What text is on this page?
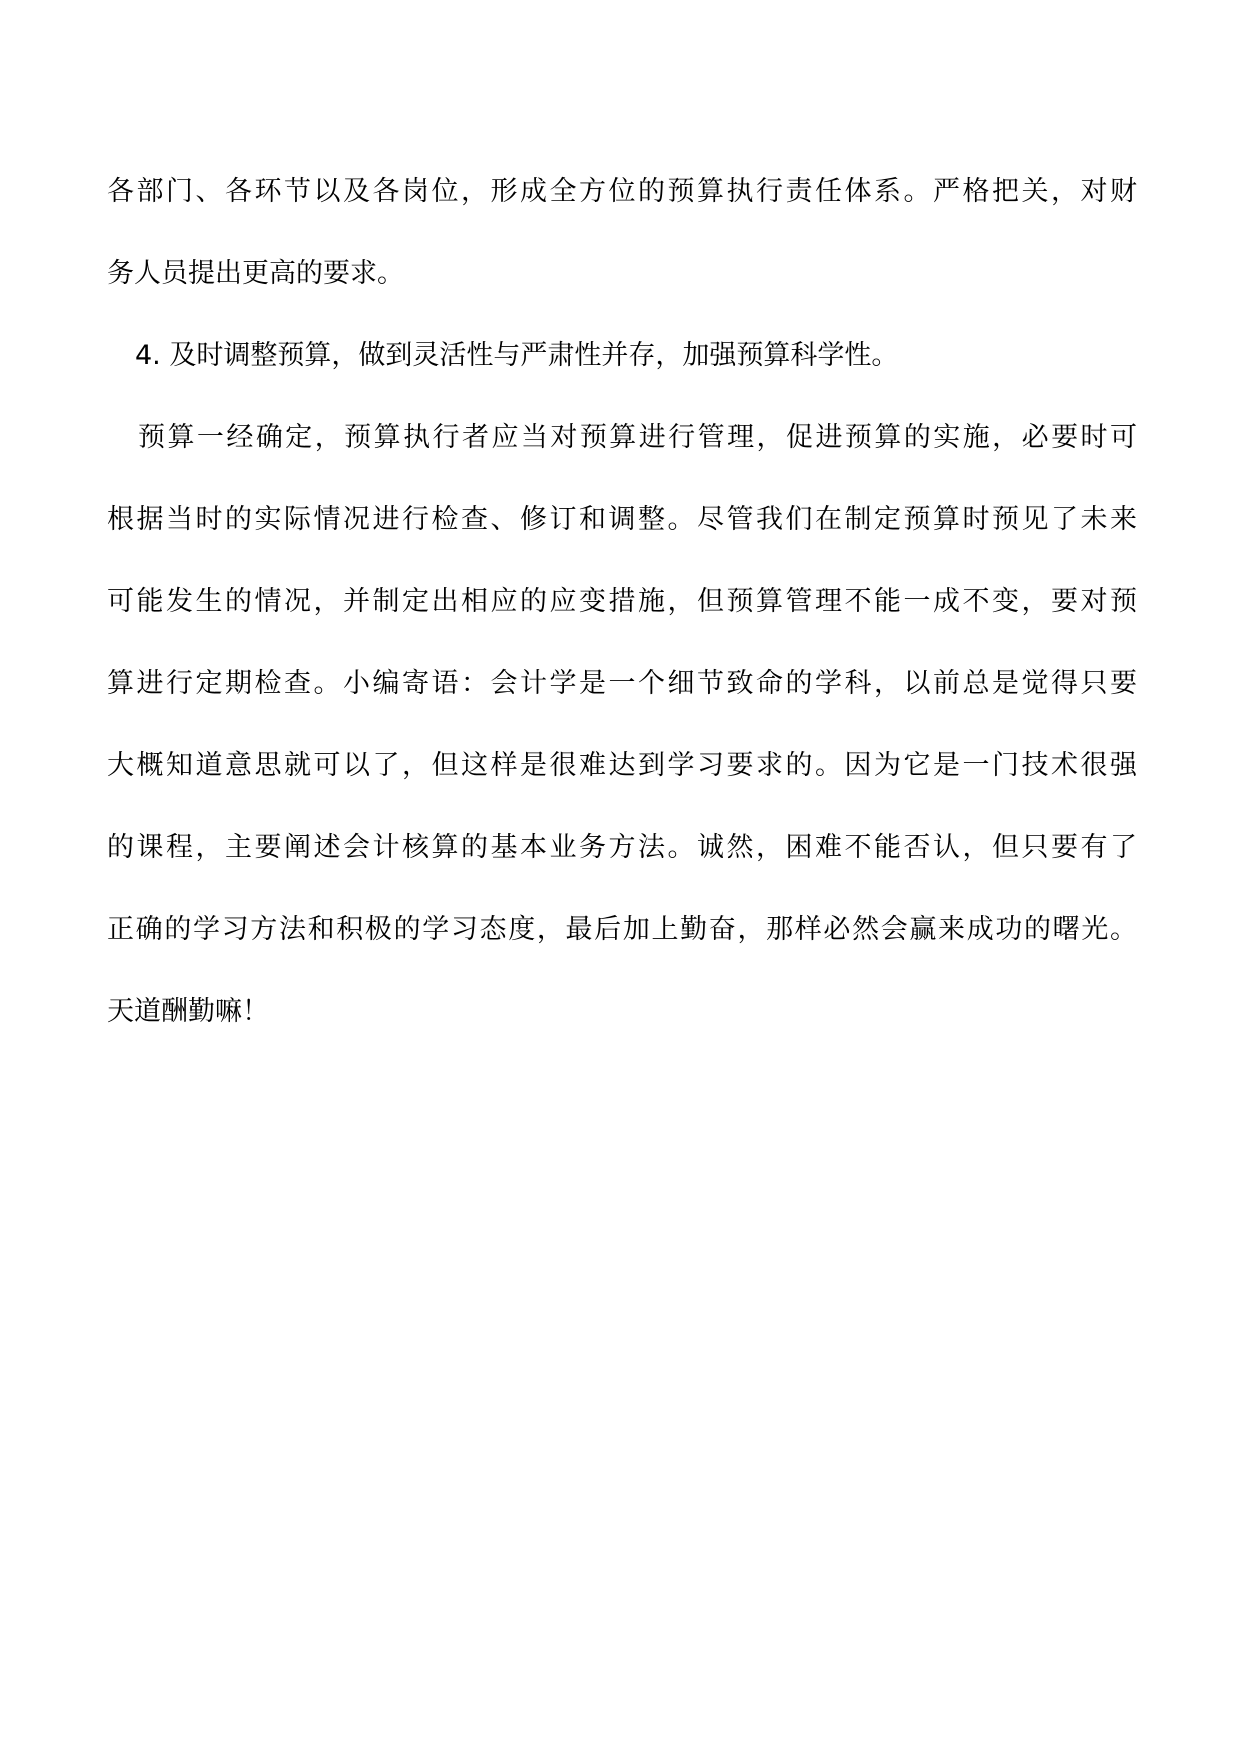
各部门、各环节以及各岗位，形成全方位的预算执行责任体系。严格把关，对财
务人员提出更高的要求。
4. 及时调整预算，做到灵活性与严肃性并存，加强预算科学性。
预算一经确定，预算执行者应当对预算进行管理，促进预算的实施，必要时可
根据当时的实际情况进行检查、修订和调整。尽管我们在制定预算时预见了未来
可能发生的情况，并制定出相应的应变措施，但预算管理不能一成不变，要对预
算进行定期检查。小编寄语：会计学是一个细节致命的学科，以前总是觉得只要
大概知道意思就可以了，但这样是很难达到学习要求的。因为它是一门技术很强
的课程，主要阐述会计核算的基本业务方法。诚然，困难不能否认，但只要有了
正确的学习方法和积极的学习态度，最后加上勤奋，那样必然会赢来成功的曙光。
天道酬勤嘛！
